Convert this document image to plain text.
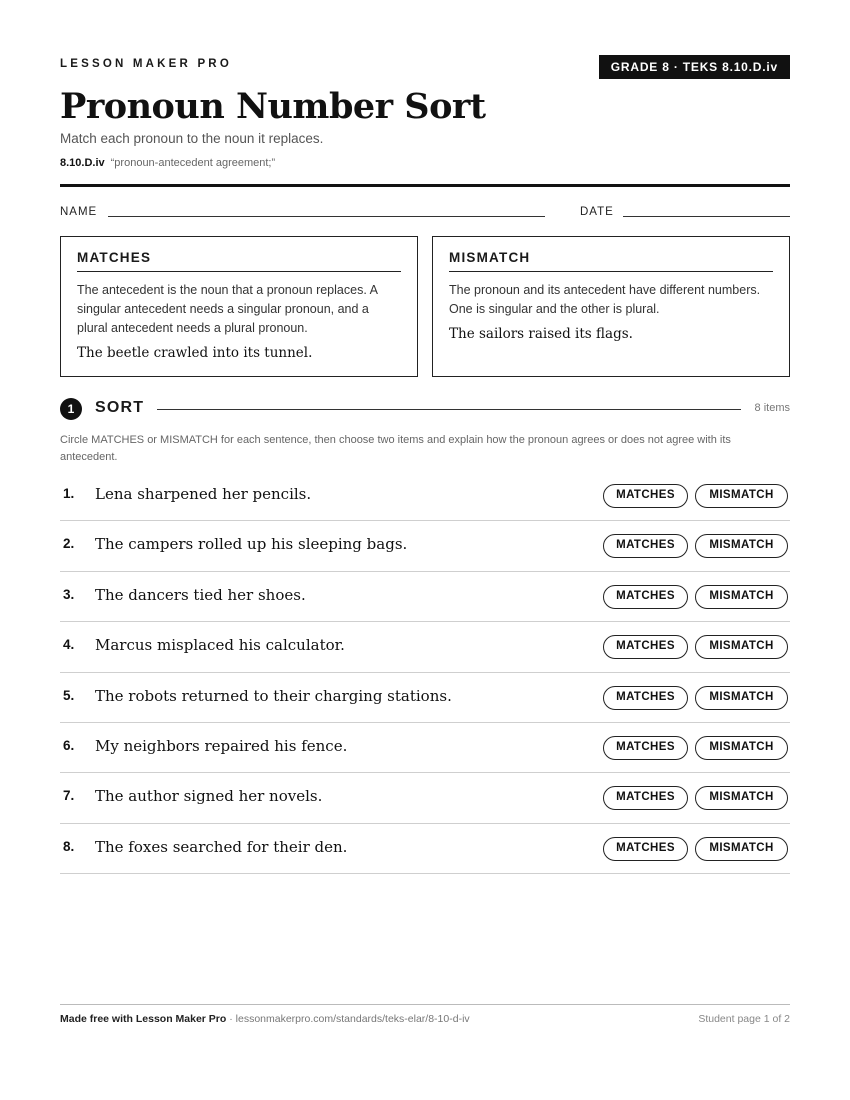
LESSON MAKER PRO	GRADE 8 · TEKS 8.10.D.iv
Pronoun Number Sort
Match each pronoun to the noun it replaces.
8.10.D.iv “pronoun-antecedent agreement;”
NAME	DATE
MATCHES
The antecedent is the noun that a pronoun replaces. A singular antecedent needs a singular pronoun, and a plural antecedent needs a plural pronoun.
The beetle crawled into its tunnel.
MISMATCH
The pronoun and its antecedent have different numbers. One is singular and the other is plural.
The sailors raised its flags.
1	SORT	8 items
Circle MATCHES or MISMATCH for each sentence, then choose two items and explain how the pronoun agrees or does not agree with its antecedent.
1. Lena sharpened her pencils.	MATCHES	MISMATCH
2. The campers rolled up his sleeping bags.	MATCHES	MISMATCH
3. The dancers tied her shoes.	MATCHES	MISMATCH
4. Marcus misplaced his calculator.	MATCHES	MISMATCH
5. The robots returned to their charging stations.	MATCHES	MISMATCH
6. My neighbors repaired his fence.	MATCHES	MISMATCH
7. The author signed her novels.	MATCHES	MISMATCH
8. The foxes searched for their den.	MATCHES	MISMATCH
Made free with Lesson Maker Pro · lessonmakerpro.com/standards/teks-elar/8-10-d-iv	Student page 1 of 2
